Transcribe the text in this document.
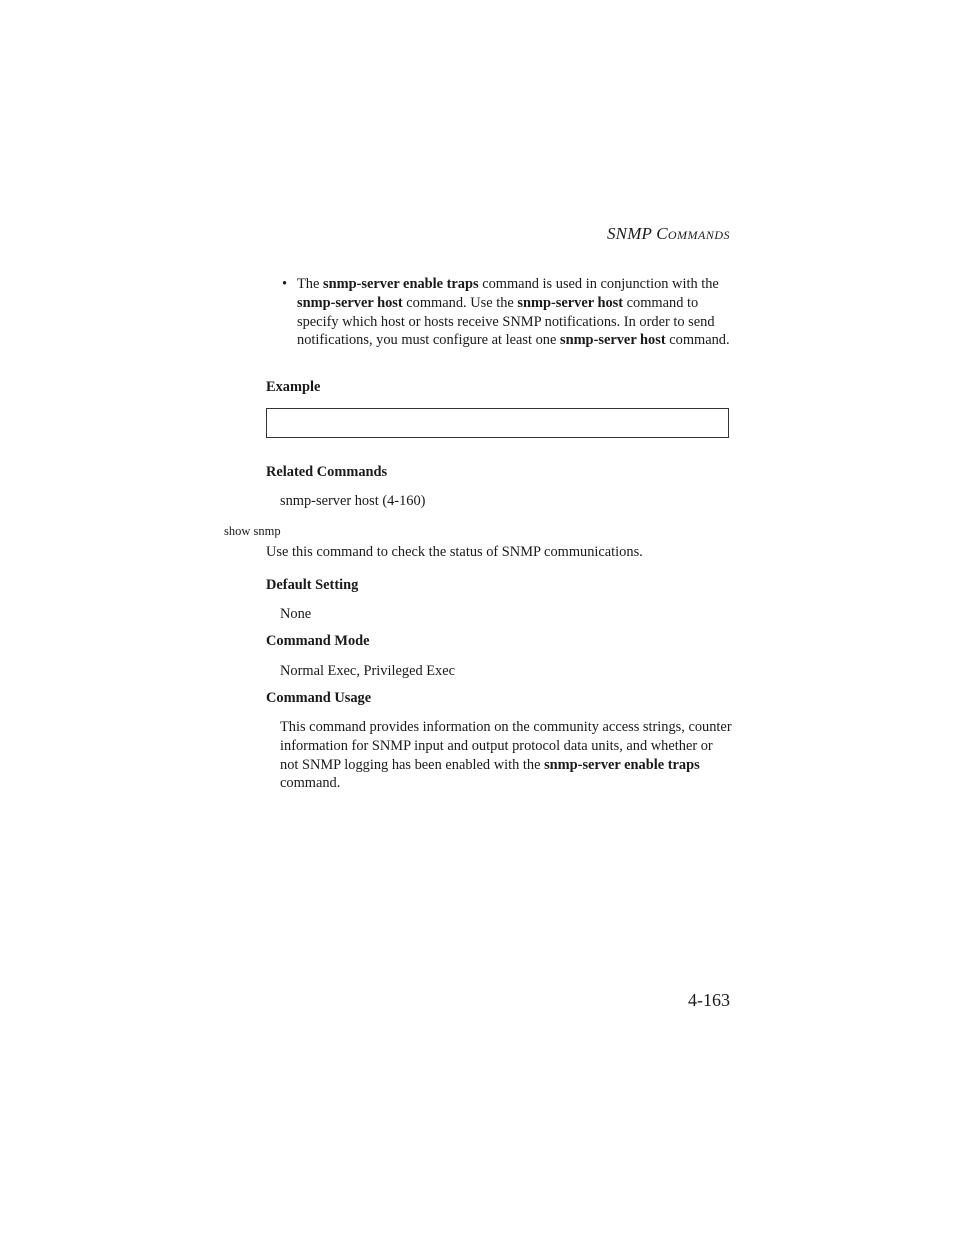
SNMP COMMANDS
• The snmp-server enable traps command is used in conjunction with the snmp-server host command. Use the snmp-server host command to specify which host or hosts receive SNMP notifications. In order to send notifications, you must configure at least one snmp-server host command.
Example
Related Commands
snmp-server host (4-160)
show snmp
Use this command to check the status of SNMP communications.
Default Setting
None
Command Mode
Normal Exec, Privileged Exec
Command Usage
This command provides information on the community access strings, counter information for SNMP input and output protocol data units, and whether or not SNMP logging has been enabled with the snmp-server enable traps command.
4-163
